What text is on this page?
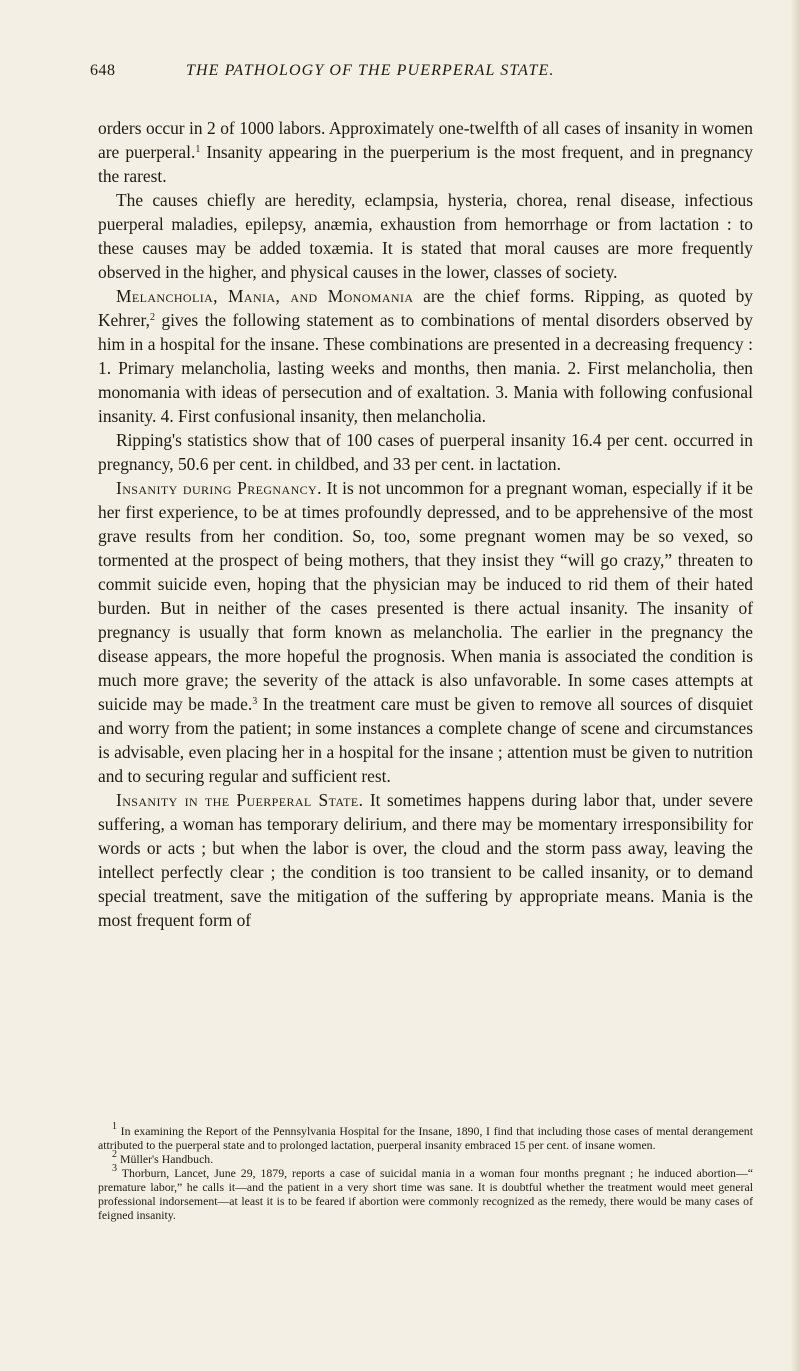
648	THE PATHOLOGY OF THE PUERPERAL STATE.

orders occur in 2 of 1000 labors. Approximately one-twelfth of all cases of insanity in women are puerperal.$^1$ Insanity appearing in the puerperium is the most frequent, and in pregnancy the rarest.

The causes chiefly are heredity, eclampsia, hysteria, chorea, renal disease, infectious puerperal maladies, epilepsy, anæmia, exhaustion from hemorrhage or from lactation : to these causes may be added toxæmia. It is stated that moral causes are more frequently observed in the higher, and physical causes in the lower, classes of society.

Melancholia, Mania, and Monomania are the chief forms. Ripping, as quoted by Kehrer,$^2$ gives the following statement as to combinations of mental disorders observed by him in a hospital for the insane. These combinations are presented in a decreasing frequency : 1. Primary melancholia, lasting weeks and months, then mania. 2. First melancholia, then monomania with ideas of persecution and of exaltation. 3. Mania with following confusional insanity. 4. First confusional insanity, then melancholia.

Ripping's statistics show that of 100 cases of puerperal insanity 16.4 per cent. occurred in pregnancy, 50.6 per cent. in childbed, and 33 per cent. in lactation.

Insanity during Pregnancy. It is not uncommon for a pregnant woman, especially if it be her first experience, to be at times profoundly depressed, and to be apprehensive of the most grave results from her condition. So, too, some pregnant women may be so vexed, so tormented at the prospect of being mothers, that they insist they “will go crazy,” threaten to commit suicide even, hoping that the physician may be induced to rid them of their hated burden. But in neither of the cases presented is there actual insanity. The insanity of pregnancy is usually that form known as melancholia. The earlier in the pregnancy the disease appears, the more hopeful the prognosis. When mania is associated the condition is much more grave; the severity of the attack is also unfavorable. In some cases attempts at suicide may be made.$^3$ In the treatment care must be given to remove all sources of disquiet and worry from the patient; in some instances a complete change of scene and circumstances is advisable, even placing her in a hospital for the insane ; attention must be given to nutrition and to securing regular and sufficient rest.

Insanity in the Puerperal State. It sometimes happens during labor that, under severe suffering, a woman has temporary delirium, and there may be momentary irresponsibility for words or acts ; but when the labor is over, the cloud and the storm pass away, leaving the intellect perfectly clear ; the condition is too transient to be called insanity, or to demand special treatment, save the mitigation of the suffering by appropriate means. Mania is the most frequent form of

$^1$ In examining the Report of the Pennsylvania Hospital for the Insane, 1890, I find that including those cases of mental derangement attributed to the puerperal state and to prolonged lactation, puerperal insanity embraced 15 per cent. of insane women.

$^2$ Müller's Handbuch.

$^3$ Thorburn, Lancet, June 29, 1879, reports a case of suicidal mania in a woman four months pregnant ; he induced abortion—“ premature labor,” he calls it—and the patient in a very short time was sane. It is doubtful whether the treatment would meet general professional indorsement—at least it is to be feared if abortion were commonly recognized as the remedy, there would be many cases of feigned insanity.
